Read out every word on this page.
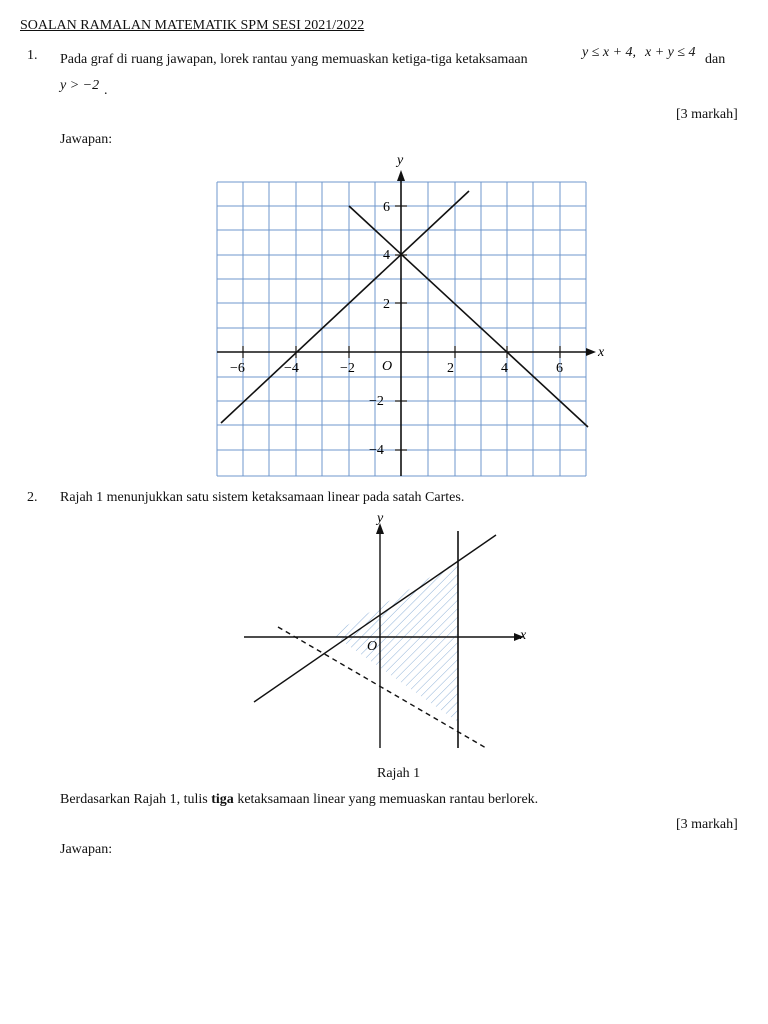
SOALAN RAMALAN MATEMATIK SPM SESI 2021/2022
1. Pada graf di ruang jawapan, lorek rantau yang memuaskan ketiga-tiga ketaksamaan	y ≤ x + 4, x + y ≤ 4 dan
y > −2 .
[3 markah]
Jawapan:
x
y
O
−6	−4	−2	2	4	6
6
4
2
−2
−4
2. Rajah 1 menunjukkan satu sistem ketaksamaan linear pada satah Cartes.
x
y
O
Rajah 1
Berdasarkan Rajah 1, tulis tiga ketaksamaan linear yang memuaskan rantau berlorek.
[3 markah]
Jawapan:
